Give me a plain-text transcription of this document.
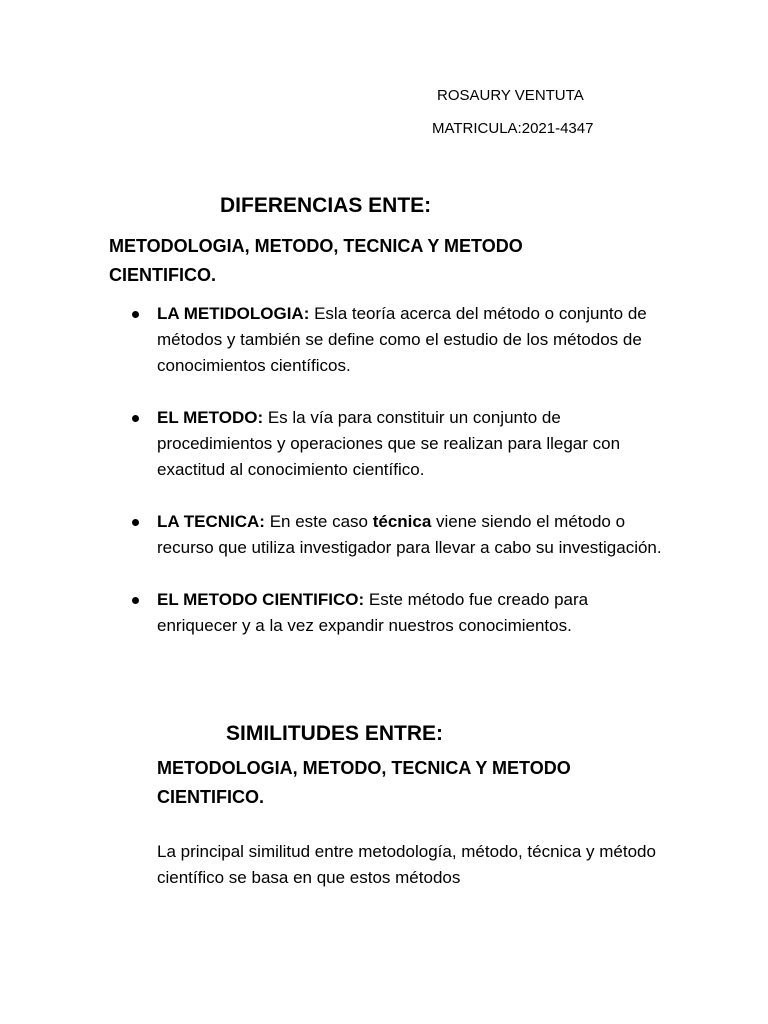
ROSAURY VENTUTA
MATRICULA:2021-4347
DIFERENCIAS ENTE:
METODOLOGIA, METODO, TECNICA Y METODO CIENTIFICO.
LA METIDOLOGIA: Esla teoría acerca del método o conjunto de métodos y también se define como el estudio de los métodos de conocimientos científicos.
EL METODO: Es la vía para constituir un conjunto de procedimientos y operaciones que se realizan para llegar con exactitud al conocimiento científico.
LA TECNICA: En este caso técnica viene siendo el método o recurso que utiliza investigador para llevar a cabo su investigación.
EL METODO CIENTIFICO: Este método fue creado para enriquecer y a la vez expandir nuestros conocimientos.
SIMILITUDES ENTRE:
METODOLOGIA, METODO, TECNICA Y METODO CIENTIFICO.
La principal similitud entre metodología, método, técnica y método científico se basa en que estos métodos
